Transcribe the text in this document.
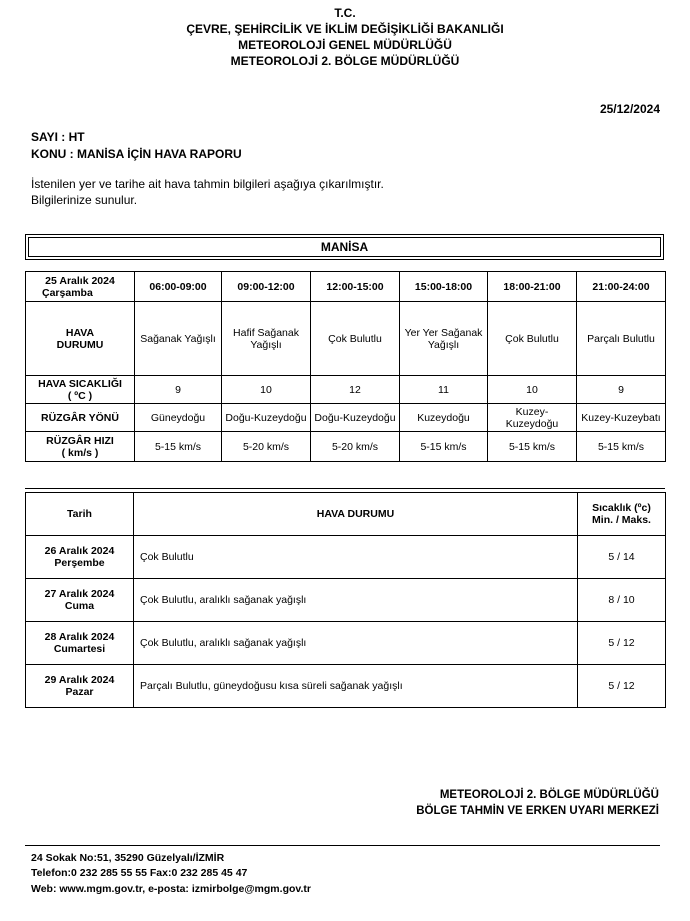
T.C.
ÇEVRE, ŞEHİRCİLİK VE İKLİM DEĞİŞİKLİĞİ BAKANLIĞI
METEOROLOJİ GENEL MÜDÜRLÜĞÜ
METEOROLOJİ 2. BÖLGE MÜDÜRLÜĞÜ
25/12/2024
SAYI : HT
KONU : MANİSA İÇİN HAVA RAPORU
İstenilen yer ve tarihe ait hava tahmin bilgileri aşağıya çıkarılmıştır.
Bilgilerinize sunulur.
MANİSA
25 Aralık 2024
Çarşamba	06:00-09:00	09:00-12:00	12:00-15:00	15:00-18:00	18:00-21:00	21:00-24:00

HAVA
DURUMU	Sağanak Yağışlı	Hafif Sağanak Yağışlı	Çok Bulutlu	Yer Yer Sağanak Yağışlı	Çok Bulutlu	Parçalı Bulutlu

HAVA SICAKLIĞI
( ºC )	9	10	12	11	10	9
RÜZGÂR YÖNÜ	Güneydoğu	Doğu-Kuzeydoğu	Doğu-Kuzeydoğu	Kuzeydoğu	Kuzey-Kuzeydoğu	Kuzey-Kuzeybatı

RÜZGÂR HIZI
( km/s )	5-15 km/s	5-20 km/s	5-20 km/s	5-15 km/s	5-15 km/s	5-15 km/s
Tarih	HAVA DURUMU	Sıcaklık (ºc)
Min. / Maks.

26 Aralık 2024
Perşembe	Çok Bulutlu	5 / 14

27 Aralık 2024
Cuma	Çok Bulutlu, aralıklı sağanak yağışlı	8 / 10

28 Aralık 2024
Cumartesi	Çok Bulutlu, aralıklı sağanak yağışlı	5 / 12

29 Aralık 2024
Pazar	Parçalı Bulutlu, güneydoğusu kısa süreli sağanak yağışlı	5 / 12
METEOROLOJİ 2. BÖLGE MÜDÜRLÜĞÜ
BÖLGE TAHMİN VE ERKEN UYARI MERKEZİ
24 Sokak No:51, 35290 Güzelyalı/İZMİR
Telefon:0 232 285 55 55 Fax:0 232 285 45 47
Web: www.mgm.gov.tr, e-posta: izmirbolge@mgm.gov.tr
